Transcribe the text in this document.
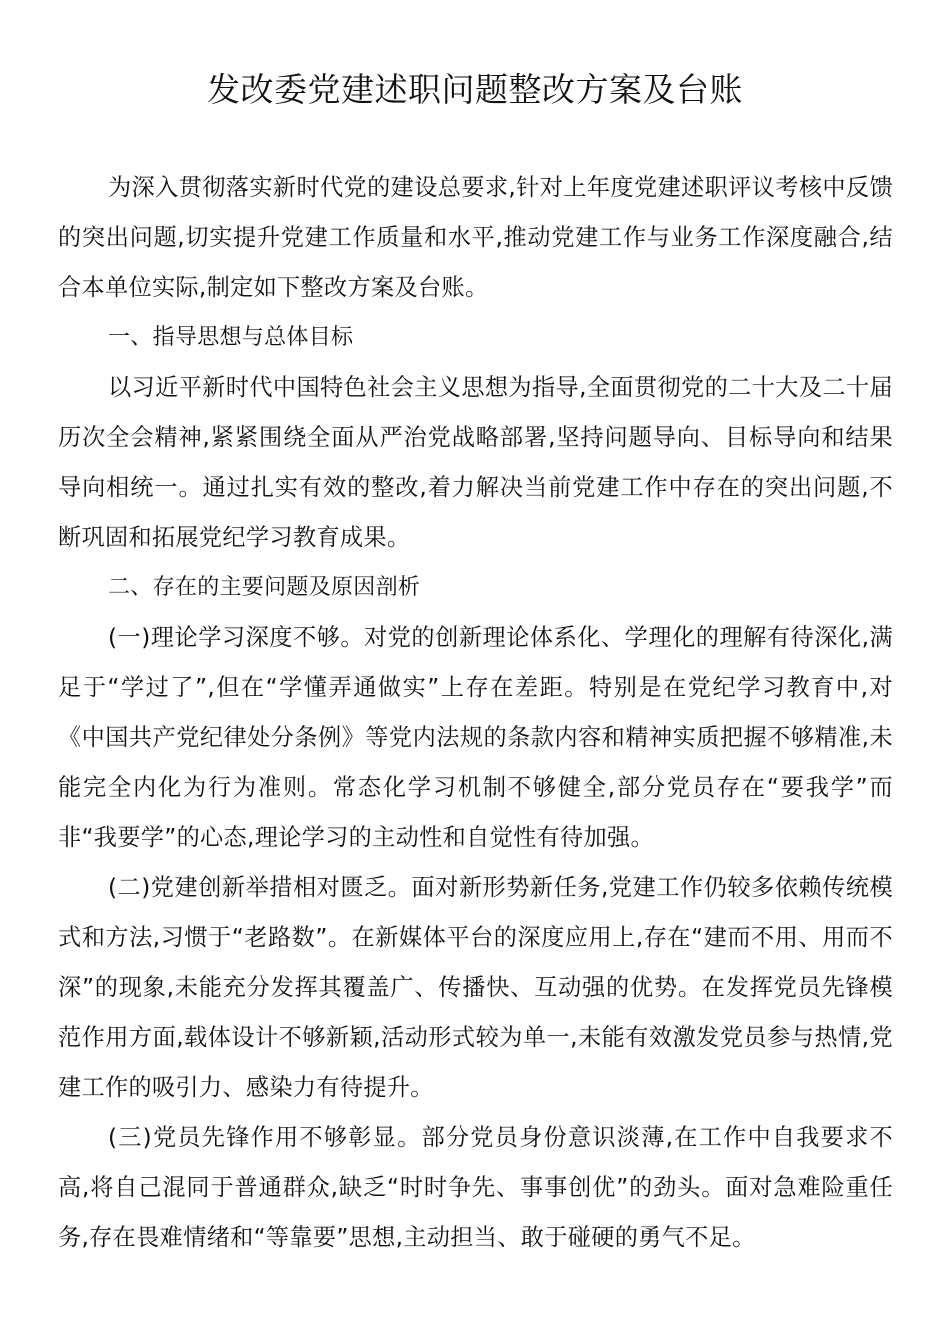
发改委党建述职问题整改方案及台账

为深入贯彻落实新时代党的建设总要求,针对上年度党建述职评议考核中反馈的突出问题,切实提升党建工作质量和水平,推动党建工作与业务工作深度融合,结合本单位实际,制定如下整改方案及台账。

一、指导思想与总体目标

以习近平新时代中国特色社会主义思想为指导,全面贯彻党的二十大及二十届历次全会精神,紧紧围绕全面从严治党战略部署,坚持问题导向、目标导向和结果导向相统一。通过扎实有效的整改,着力解决当前党建工作中存在的突出问题,不断巩固和拓展党纪学习教育成果。

二、存在的主要问题及原因剖析

(一)理论学习深度不够。对党的创新理论体系化、学理化的理解有待深化,满足于“学过了”,但在“学懂弄通做实”上存在差距。特别是在党纪学习教育中,对《中国共产党纪律处分条例》等党内法规的条款内容和精神实质把握不够精准,未能完全内化为行为准则。常态化学习机制不够健全,部分党员存在“要我学”而非“我要学”的心态,理论学习的主动性和自觉性有待加强。

(二)党建创新举措相对匮乏。面对新形势新任务,党建工作仍较多依赖传统模式和方法,习惯于“老路数”。在新媒体平台的深度应用上,存在“建而不用、用而不深”的现象,未能充分发挥其覆盖广、传播快、互动强的优势。在发挥党员先锋模范作用方面,载体设计不够新颖,活动形式较为单一,未能有效激发党员参与热情,党建工作的吸引力、感染力有待提升。

(三)党员先锋作用不够彰显。部分党员身份意识淡薄,在工作中自我要求不高,将自己混同于普通群众,缺乏“时时争先、事事创优”的劲头。面对急难险重任务,存在畏难情绪和“等靠要”思想,主动担当、敢于碰硬的勇气不足。
